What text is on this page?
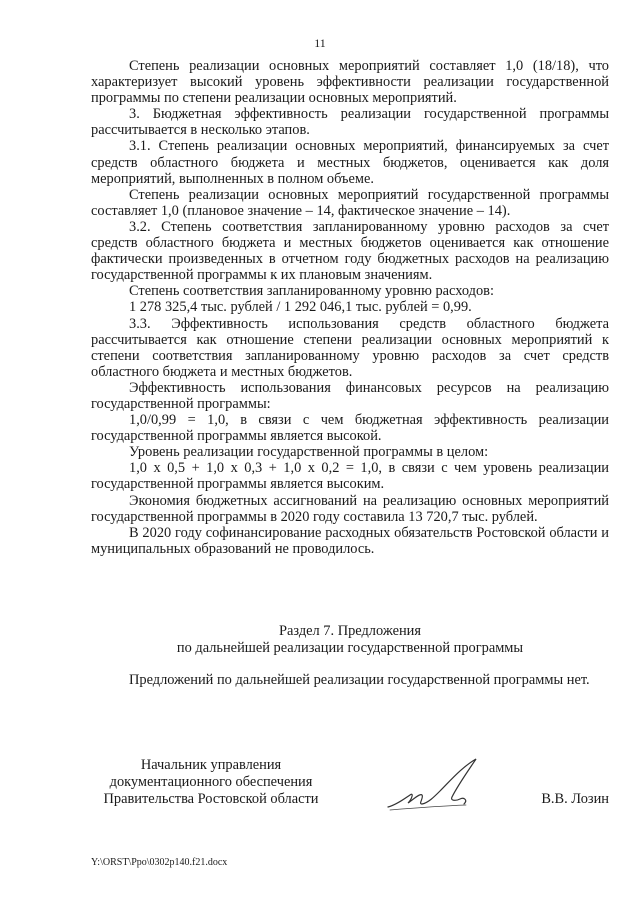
11

Степень реализации основных мероприятий составляет 1,0 (18/18), что характеризует высокий уровень эффективности реализации государственной программы по степени реализации основных мероприятий.

3. Бюджетная эффективность реализации государственной программы рассчитывается в несколько этапов.

3.1. Степень реализации основных мероприятий, финансируемых за счет средств областного бюджета и местных бюджетов, оценивается как доля мероприятий, выполненных в полном объеме.

Степень реализации основных мероприятий государственной программы составляет 1,0 (плановое значение – 14, фактическое значение – 14).

3.2. Степень соответствия запланированному уровню расходов за счет средств областного бюджета и местных бюджетов оценивается как отношение фактически произведенных в отчетном году бюджетных расходов на реализацию государственной программы к их плановым значениям.

Степень соответствия запланированному уровню расходов:

1 278 325,4 тыс. рублей / 1 292 046,1 тыс. рублей = 0,99.

3.3. Эффективность использования средств областного бюджета рассчитывается как отношение степени реализации основных мероприятий к степени соответствия запланированному уровню расходов за счет средств областного бюджета и местных бюджетов.

Эффективность использования финансовых ресурсов на реализацию государственной программы:

1,0/0,99 = 1,0, в связи с чем бюджетная эффективность реализации государственной программы является высокой.

Уровень реализации государственной программы в целом:

1,0 х 0,5 + 1,0 х 0,3 + 1,0 х 0,2 = 1,0, в связи с чем уровень реализации государственной программы является высоким.

Экономия бюджетных ассигнований на реализацию основных мероприятий государственной программы в 2020 году составила 13 720,7 тыс. рублей.

В 2020 году софинансирование расходных обязательств Ростовской области и муниципальных образований не проводилось.

Раздел 7. Предложения
по дальнейшей реализации государственной программы

Предложений по дальнейшей реализации государственной программы нет.

Начальник управления
документационного обеспечения
Правительства Ростовской области	В.В. Лозин
Y:\ORST\Ppo\0302p140.f21.docx
